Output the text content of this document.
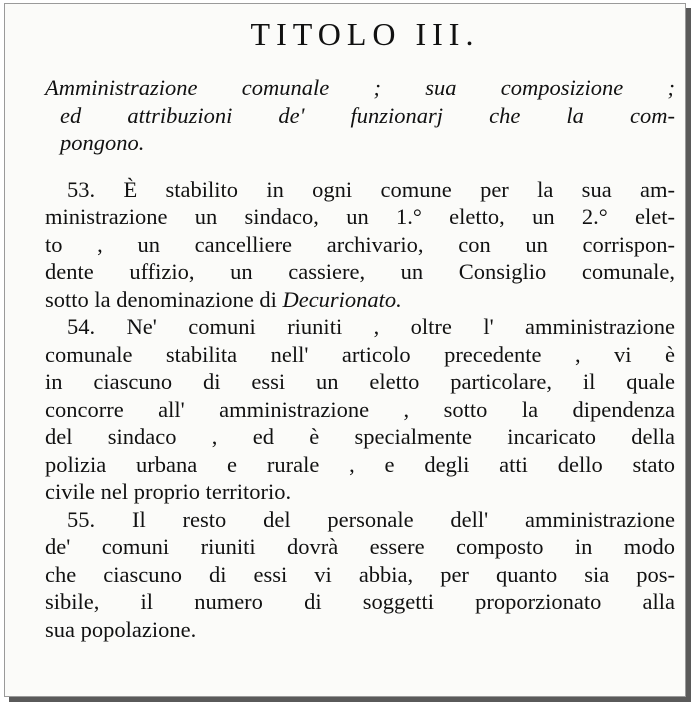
TITOLO III.
Amministrazione comunale ; sua composizione ;
ed attribuzioni de' funzionarj che la com-
pongono.
53. È stabilito in ogni comune per la sua am-
ministrazione un sindaco, un 1.° eletto, un 2.° elet-
to , un cancelliere archivario, con un corrispon-
dente uffizio, un cassiere, un Consiglio comunale,
sotto la denominazione di Decurionato.
54. Ne' comuni riuniti , oltre l' amministrazione
comunale stabilita nell' articolo precedente , vi è
in ciascuno di essi un eletto particolare, il quale
concorre all' amministrazione , sotto la dipendenza
del sindaco , ed è specialmente incaricato della
polizia urbana e rurale , e degli atti dello stato
civile nel proprio territorio.
55. Il resto del personale dell' amministrazione
de' comuni riuniti dovrà essere composto in modo
che ciascuno di essi vi abbia, per quanto sia pos-
sibile, il numero di soggetti proporzionato alla
sua popolazione.
